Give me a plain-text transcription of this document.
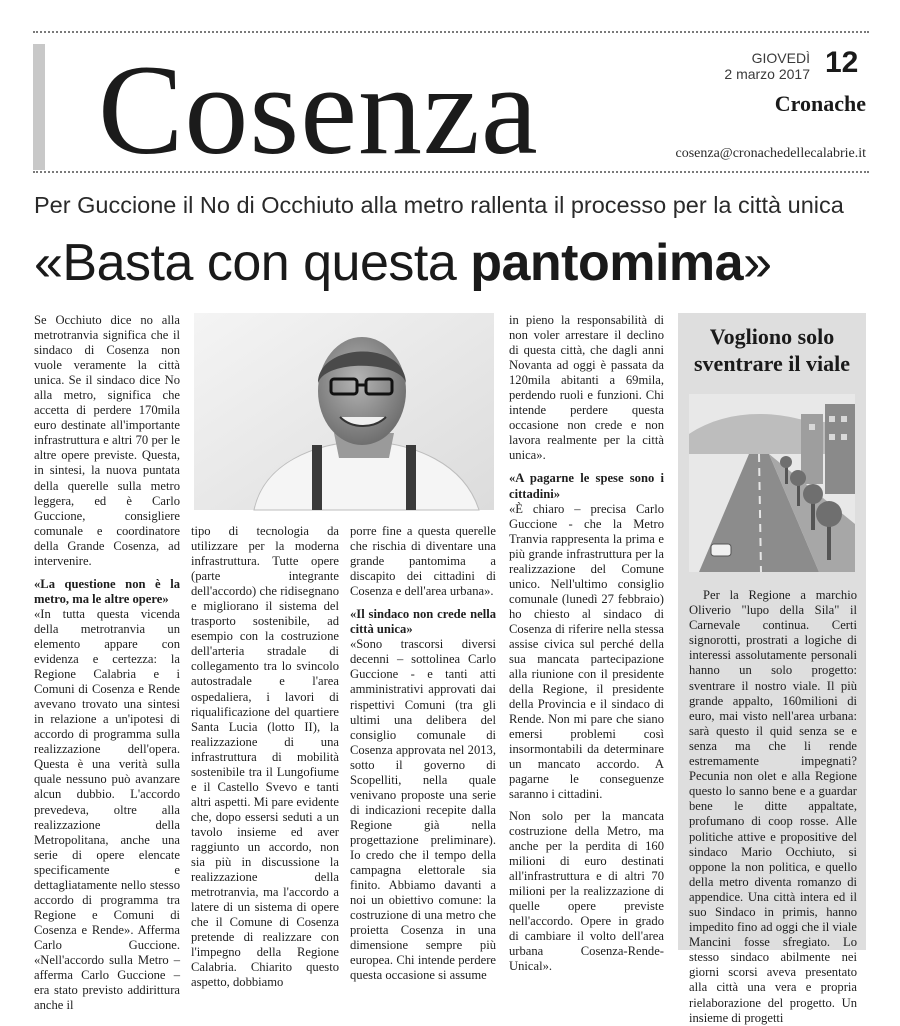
Cosenza	GIOVEDÌ
2 marzo 2017 12
Cronache
cosenza@cronachedellecalabrie.it
Per Guccione il No di Occhiuto alla metro rallenta il processo per la città unica
«Basta con questa pantomima»

Se Occhiuto dice no alla metrotranvia significa che il sindaco di Cosenza non vuole veramente la città unica. Se il sindaco dice No alla metro, significa che accetta di perdere 170mila euro destinate all'importante infrastruttura e altri 70 per le altre opere previste. Questa, in sintesi, la nuova puntata della querelle sulla metro leggera, ed è Carlo Guccione, consigliere comunale e coordinatore della Grande Cosenza, ad intervenire.

«La questione non è la metro, ma le altre opere»

«In tutta questa vicenda della metrotranvia un elemento appare con evidenza e certezza: la Regione Calabria e i Comuni di Cosenza e Rende avevano trovato una sintesi in relazione a un'ipotesi di accordo di programma sulla realizzazione dell'opera. Questa è una verità sulla quale nessuno può avanzare alcun dubbio. L'accordo prevedeva, oltre alla realizzazione della Metropolitana, anche una serie di opere elencate specificamente e dettagliatamente nello stesso accordo di programma tra Regione e Comuni di Cosenza e Rende». Afferma Carlo Guccione. «Nell'accordo sulla Metro – afferma Carlo Guccione – era stato previsto addirittura anche il

tipo di tecnologia da utilizzare per la moderna infrastruttura. Tutte opere (parte integrante dell'accordo) che ridisegnano e migliorano il sistema del trasporto sostenibile, ad esempio con la costruzione dell'arteria stradale di collegamento tra lo svincolo autostradale e l'area ospedaliera, i lavori di riqualificazione del quartiere Santa Lucia (lotto II), la realizzazione di una infrastruttura di mobilità sostenibile tra il Lungofiume e il Castello Svevo e tanti altri aspetti. Mi pare evidente che, dopo essersi seduti a un tavolo insieme ed aver raggiunto un accordo, non sia più in discussione la realizzazione della metrotranvia, ma l'accordo a latere di un sistema di opere che il Comune di Cosenza pretende di realizzare con l'impegno della Regione Calabria. Chiarito questo aspetto, dobbiamo

porre fine a questa querelle che rischia di diventare una grande pantomima a discapito dei cittadini di Cosenza e dell'area urbana».

«Il sindaco non crede nella città unica»

«Sono trascorsi diversi decenni – sottolinea Carlo Guccione - e tanti atti amministrativi approvati dai rispettivi Comuni (tra gli ultimi una delibera del consiglio comunale di Cosenza approvata nel 2013, sotto il governo di Scopelliti, nella quale venivano proposte una serie di indicazioni recepite dalla Regione già nella progettazione preliminare). Io credo che il tempo della campagna elettorale sia finito. Abbiamo davanti a noi un obiettivo comune: la costruzione di una metro che proietta Cosenza in una dimensione sempre più europea. Chi intende perdere questa occasione si assume

in pieno la responsabilità di non voler arrestare il declino di questa città, che dagli anni Novanta ad oggi è passata da 120mila abitanti a 69mila, perdendo ruoli e funzioni. Chi intende perdere questa occasione non crede e non lavora realmente per la città unica».

«A pagarne le spese sono i cittadini»

«È chiaro – precisa Carlo Guccione - che la Metro Tranvia rappresenta la prima e più grande infrastruttura per la realizzazione del Comune unico. Nell'ultimo consiglio comunale (lunedì 27 febbraio) ho chiesto al sindaco di Cosenza di riferire nella stessa assise civica sul perché della sua mancata partecipazione alla riunione con il presidente della Regione, il presidente della Provincia e il sindaco di Rende. Non mi pare che siano emersi problemi così insormontabili da determinare un mancato accordo. A pagarne le conseguenze saranno i cittadini.

Non solo per la mancata costruzione della Metro, ma anche per la perdita di 160 milioni di euro destinati all'infrastruttura e di altri 70 milioni per la realizzazione di quelle opere previste nell'accordo. Opere in grado di cambiare il volto dell'area urbana Cosenza-Rende-Unical».

Vogliono solo sventrare il viale

Per la Regione a marchio Oliverio "lupo della Sila" il Carnevale continua. Certi signorotti, prostrati a logiche di interessi assolutamente personali hanno un solo progetto: sventrare il nostro viale. Il più grande appalto, 160milioni di euro, mai visto nell'area urbana: sarà questo il quid senza se e senza ma che li rende estremamente impegnati? Pecunia non olet e alla Regione questo lo sanno bene e a guardar bene le ditte appaltate, profumano di coop rosse. Alle politiche attive e propositive del sindaco Mario Occhiuto, si oppone la non politica, e quello della metro diventa romanzo di appendice. Una città intera ed il suo Sindaco in primis, hanno impedito fino ad oggi che il viale Mancini fosse sfregiato. Lo stesso sindaco abilmente nei giorni scorsi aveva presentato alla città una vera e propria rielaborazione del progetto. Un insieme di progetti
